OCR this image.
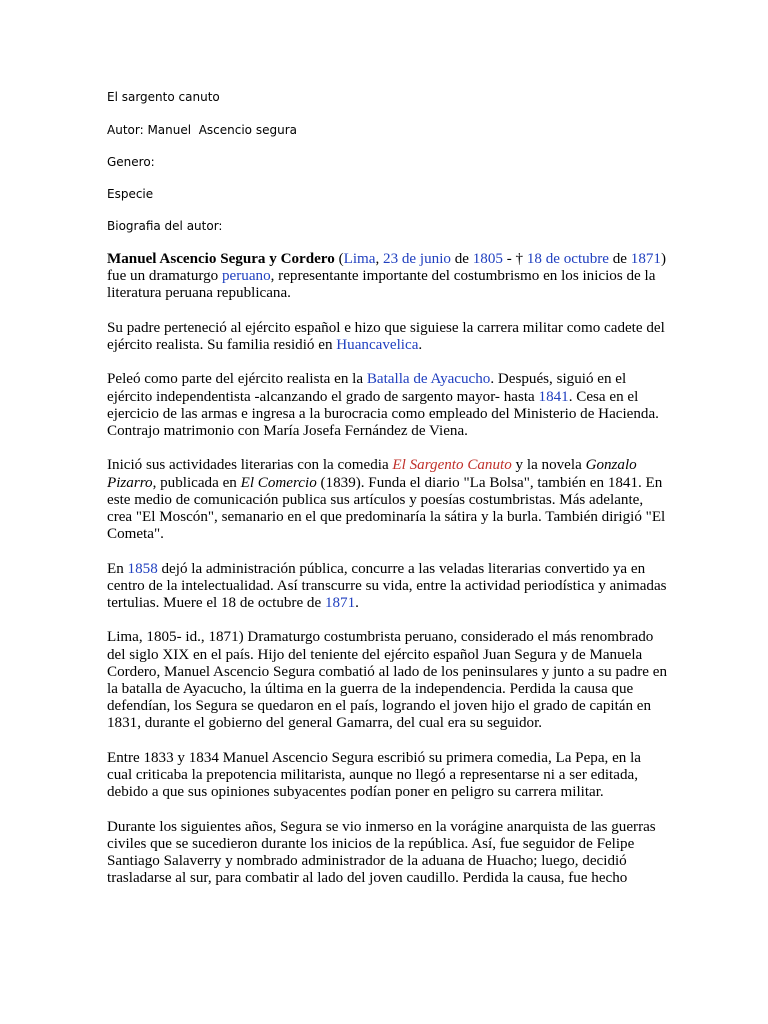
El sargento canuto
Autor: Manuel  Ascencio segura
Genero:
Especie
Biografia del autor:

Manuel Ascencio Segura y Cordero (Lima, 23 de junio de 1805 - † 18 de octubre de 1871) fue un dramaturgo peruano, representante importante del costumbrismo en los inicios de la literatura peruana republicana.

Su padre perteneció al ejército español e hizo que siguiese la carrera militar como cadete del ejército realista. Su familia residió en Huancavelica.

Peleó como parte del ejército realista en la Batalla de Ayacucho. Después, siguió en el ejército independentista -alcanzando el grado de sargento mayor- hasta 1841. Cesa en el ejercicio de las armas e ingresa a la burocracia como empleado del Ministerio de Hacienda. Contrajo matrimonio con María Josefa Fernández de Viena.

Inició sus actividades literarias con la comedia El Sargento Canuto y la novela Gonzalo Pizarro, publicada en El Comercio (1839). Funda el diario "La Bolsa", también en 1841. En este medio de comunicación publica sus artículos y poesías costumbristas. Más adelante, crea "El Moscón", semanario en el que predominaría la sátira y la burla. También dirigió "El Cometa".

En 1858 dejó la administración pública, concurre a las veladas literarias convertido ya en centro de la intelectualidad. Así transcurre su vida, entre la actividad periodística y animadas tertulias. Muere el 18 de octubre de 1871.

Lima, 1805- id., 1871) Dramaturgo costumbrista peruano, considerado el más renombrado del siglo XIX en el país. Hijo del teniente del ejército español Juan Segura y de Manuela Cordero, Manuel Ascencio Segura combatió al lado de los peninsulares y junto a su padre en la batalla de Ayacucho, la última en la guerra de la independencia. Perdida la causa que defendían, los Segura se quedaron en el país, logrando el joven hijo el grado de capitán en 1831, durante el gobierno del general Gamarra, del cual era su seguidor.

Entre 1833 y 1834 Manuel Ascencio Segura escribió su primera comedia, La Pepa, en la cual criticaba la prepotencia militarista, aunque no llegó a representarse ni a ser editada, debido a que sus opiniones subyacentes podían poner en peligro su carrera militar.

Durante los siguientes años, Segura se vio inmerso en la vorágine anarquista de las guerras civiles que se sucedieron durante los inicios de la república. Así, fue seguidor de Felipe Santiago Salaverry y nombrado administrador de la aduana de Huacho; luego, decidió trasladarse al sur, para combatir al lado del joven caudillo. Perdida la causa, fue hecho
